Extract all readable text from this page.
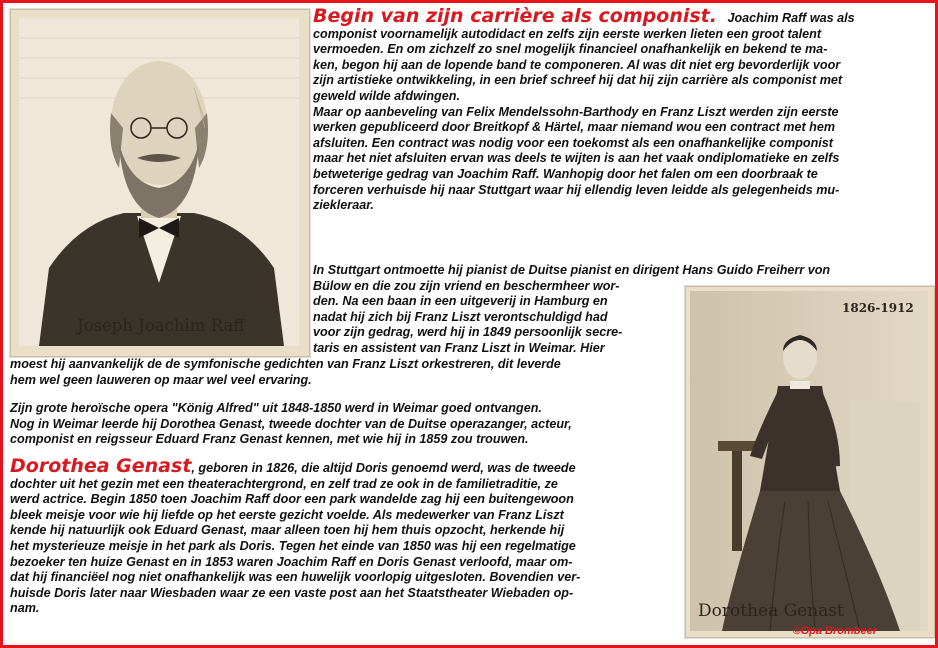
Joseph Joachim Raff
Begin van zijn carrière als componist. Joachim Raff was als
componist voornamelijk autodidact en zelfs zijn eerste werken lieten een groot talent
vermoeden. En om zichzelf zo snel mogelijk financieel onafhankelijk en bekend te ma-
ken, begon hij aan de lopende band te componeren. Al was dit niet erg bevorderlijk voor
zijn artistieke ontwikkeling, in een brief schreef hij dat hij zijn carrière als componist met
geweld wilde afdwingen.
Maar op aanbeveling van Felix Mendelssohn-Barthody en Franz Liszt werden zijn eerste
werken gepubliceerd door Breitkopf & Härtel, maar niemand wou een contract met hem
afsluiten. Een contract was nodig voor een toekomst als een onafhankelijke componist
maar het niet afsluiten ervan was deels te wijten is aan het vaak ondiplomatieke en zelfs
betweterige gedrag van Joachim Raff. Wanhopig door het falen om een doorbraak te
forceren verhuisde hij naar Stuttgart waar hij ellendig leven leidde als gelegenheids mu-
ziekleraar.
In Stuttgart ontmoette hij pianist de Duitse pianist en dirigent Hans Guido Freiherr von
Bülow en die zou zijn vriend en beschermheer wor-
den. Na een baan in een uitgeverij in Hamburg en
nadat hij zich bij Franz Liszt verontschuldigd had
voor zijn gedrag, werd hij in 1849 persoonlijk secre-
taris en assistent van Franz Liszt in Weimar. Hier
moest hij aanvankelijk de de symfonische gedichten van Franz Liszt orkestreren, dit leverde
hem wel geen lauweren op maar wel veel ervaring.
Zijn grote heroïsche opera "König Alfred" uit 1848-1850 werd in Weimar goed ontvangen.
Nog in Weimar leerde hij Dorothea Genast, tweede dochter van de Duitse operazanger, acteur,
componist en reigsseur Eduard Franz Genast kennen, met wie hij in 1859 zou trouwen.
Dorothea Genast, geboren in 1826, die altijd Doris genoemd werd, was de tweede
dochter uit het gezin met een theaterachtergrond, en zelf trad ze ook in de familietraditie, ze
werd actrice. Begin 1850 toen Joachim Raff door een park wandelde zag hij een buitengewoon
bleek meisje voor wie hij liefde op het eerste gezicht voelde. Als medewerker van Franz Liszt
kende hij natuurlijk ook Eduard Genast, maar alleen toen hij hem thuis opzocht, herkende hij
het mysterieuze meisje in het park als Doris. Tegen het einde van 1850 was hij een regelmatige
bezoeker ten huize Genast en in 1853 waren Joachim Raff en Doris Genast verloofd, maar om-
dat hij financiëel nog niet onafhankelijk was een huwelijk voorlopig uitgesloten. Bovendien ver-
huisde Doris later naar Wiesbaden waar ze een vaste post aan het Staatstheater Wiebaden op-
nam.
1826-1912
Dorothea Genast
©Opa Brombeer
